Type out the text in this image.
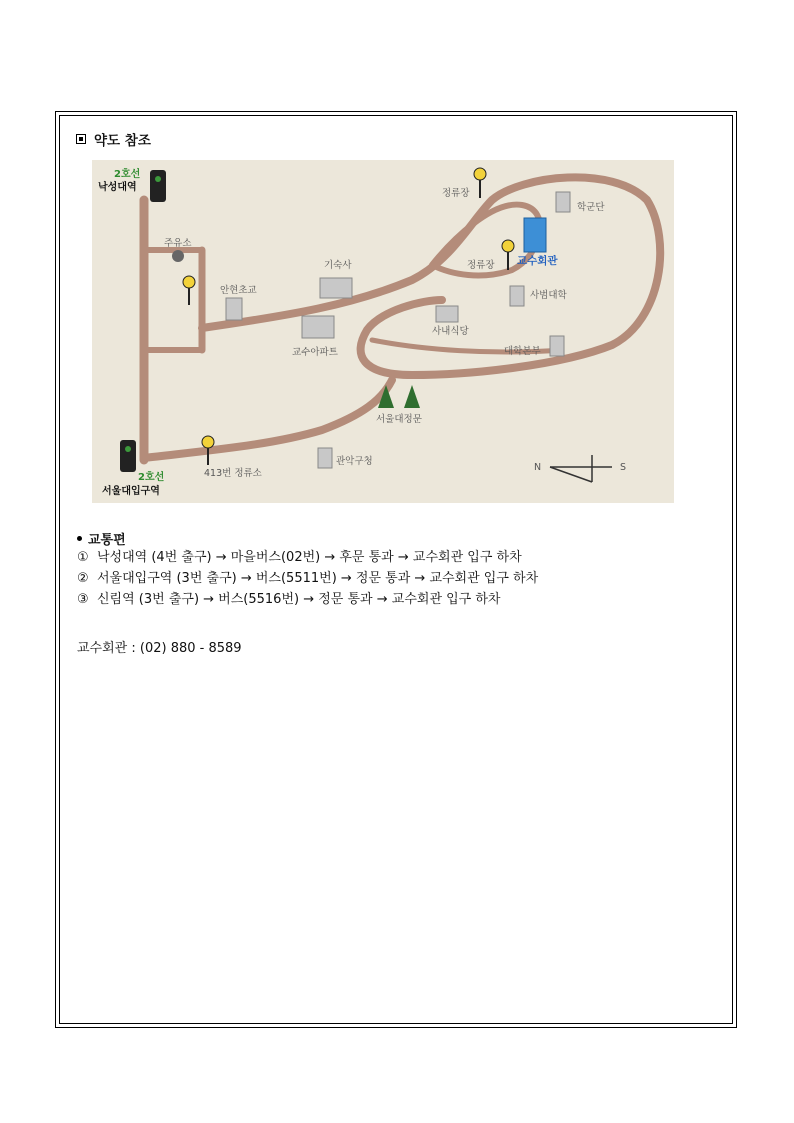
약도 참조
2호선
낙성대역
2호선
서울대입구역
주유소
정류장
정류장
413번 정류소
안현초교
기숙사
교수아파트
사내식당
사범대학
대학본부
학군단
교수회관
관악구청
서울대정문
N	S
교통편
① 낙성대역 (4번 출구) → 마을버스(02번) → 후문 통과 → 교수회관 입구 하차
② 서울대입구역 (3번 출구) → 버스(5511번) → 정문 통과 → 교수회관 입구 하차
③ 신림역 (3번 출구) → 버스(5516번) → 정문 통과 → 교수회관 입구 하차
교수회관 : (02) 880 - 8589
